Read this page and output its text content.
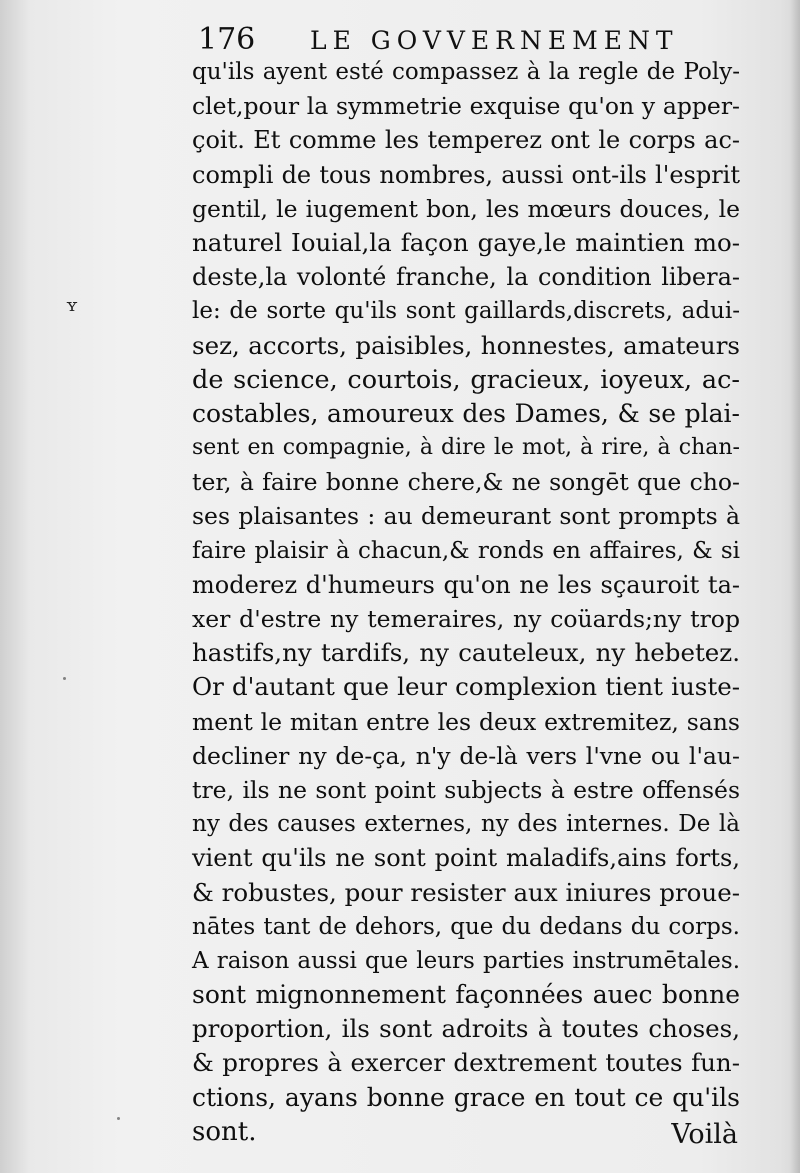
176 LE GOVVERNEMENT
ʏ
qu'ils ayent esté compassez à la regle de Poly-
clet,pour la symmetrie exquise qu'on y apper-
çoit. Et comme les temperez ont le corps ac-
compli de tous nombres, aussi ont-ils l'esprit
gentil, le iugement bon, les mœurs douces, le
naturel Iouial,la façon gaye,le maintien mo-
deste,la volonté franche, la condition libera-
le: de sorte qu'ils sont gaillards,discrets, adui-
sez, accorts, paisibles, honnestes, amateurs
de science, courtois, gracieux, ioyeux, ac-
costables, amoureux des Dames, & se plai-
sent en compagnie, à dire le mot, à rire, à chan-
ter, à faire bonne chere,& ne songēt que cho-
ses plaisantes : au demeurant sont prompts à
faire plaisir à chacun,& ronds en affaires, & si
moderez d'humeurs qu'on ne les sçauroit ta-
xer d'estre ny temeraires, ny coüards;ny trop
hastifs,ny tardifs, ny cauteleux, ny hebetez.
Or d'autant que leur complexion tient iuste-
ment le mitan entre les deux extremitez, sans
decliner ny de-ça, n'y de-là vers l'vne ou l'au-
tre, ils ne sont point subjects à estre offensés
ny des causes externes, ny des internes. De là
vient qu'ils ne sont point maladifs,ains forts,
& robustes, pour resister aux iniures proue-
nātes tant de dehors, que du dedans du corps.
A raison aussi que leurs parties instrumētales.
sont mignonnement façonnées auec bonne
proportion, ils sont adroits à toutes choses,
& propres à exercer dextrement toutes fun-
ctions, ayans bonne grace en tout ce qu'ils
sont.	Voilà
